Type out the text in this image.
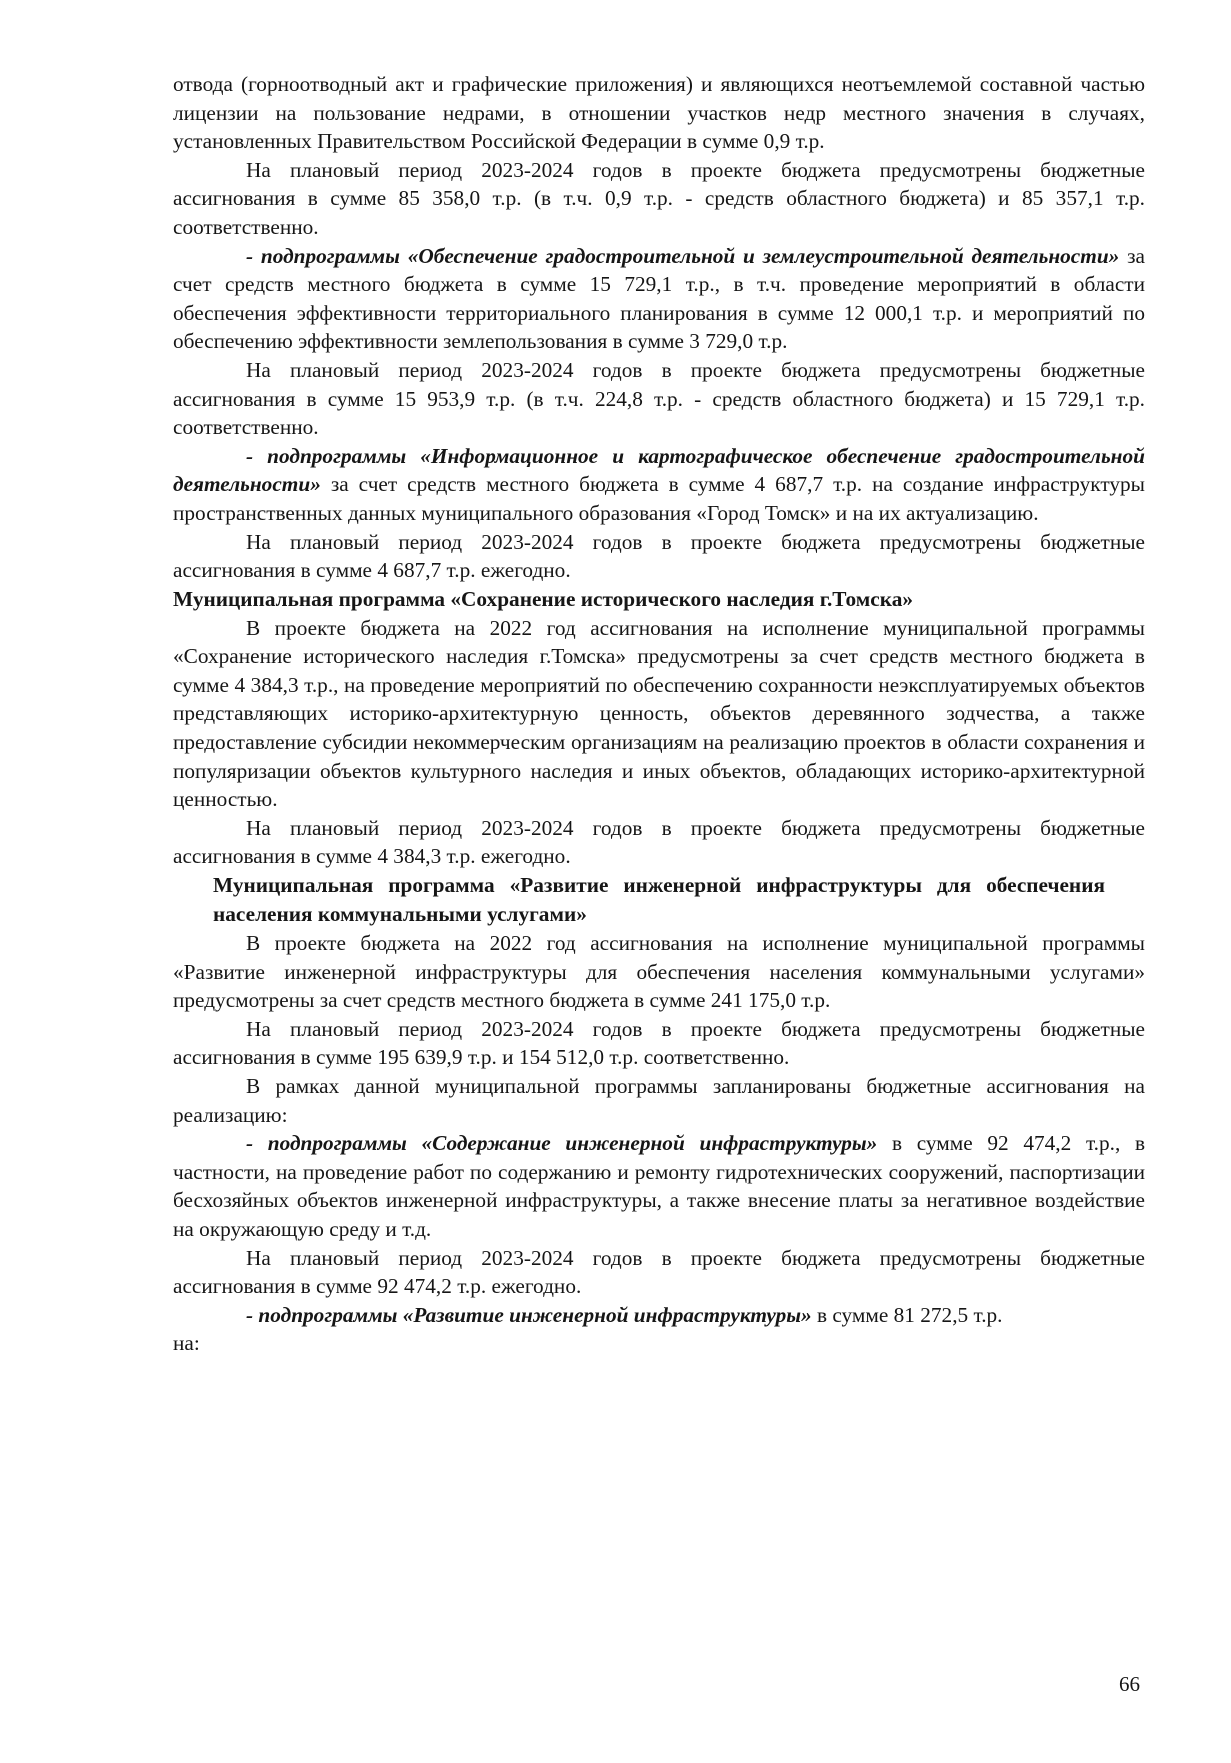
отвода (горноотводный акт и графические приложения) и являющихся неотъемлемой составной частью лицензии на пользование недрами, в отношении участков недр местного значения в случаях, установленных Правительством Российской Федерации в сумме 0,9 т.р.

На плановый период 2023-2024 годов в проекте бюджета предусмотрены бюджетные ассигнования в сумме 85 358,0 т.р. (в т.ч. 0,9 т.р. - средств областного бюджета) и 85 357,1 т.р. соответственно.

- подпрограммы «Обеспечение градостроительной и землеустроительной деятельности» за счет средств местного бюджета в сумме 15 729,1 т.р., в т.ч. проведение мероприятий в области обеспечения эффективности территориального планирования в сумме 12 000,1 т.р. и мероприятий по обеспечению эффективности землепользования в сумме 3 729,0 т.р.

На плановый период 2023-2024 годов в проекте бюджета предусмотрены бюджетные ассигнования в сумме 15 953,9 т.р. (в т.ч. 224,8 т.р. - средств областного бюджета) и 15 729,1 т.р. соответственно.

- подпрограммы «Информационное и картографическое обеспечение градостроительной деятельности» за счет средств местного бюджета в сумме 4 687,7 т.р. на создание инфраструктуры пространственных данных муниципального образования «Город Томск» и на их актуализацию.

На плановый период 2023-2024 годов в проекте бюджета предусмотрены бюджетные ассигнования в сумме 4 687,7 т.р. ежегодно.

Муниципальная программа «Сохранение исторического наследия г.Томска»

В проекте бюджета на 2022 год ассигнования на исполнение муниципальной программы «Сохранение исторического наследия г.Томска» предусмотрены за счет средств местного бюджета в сумме 4 384,3 т.р., на проведение мероприятий по обеспечению сохранности неэксплуатируемых объектов представляющих историко-архитектурную ценность, объектов деревянного зодчества, а также предоставление субсидии некоммерческим организациям на реализацию проектов в области сохранения и популяризации объектов культурного наследия и иных объектов, обладающих историко-архитектурной ценностью.

На плановый период 2023-2024 годов в проекте бюджета предусмотрены бюджетные ассигнования в сумме 4 384,3 т.р. ежегодно.

Муниципальная программа «Развитие инженерной инфраструктуры для обеспечения населения коммунальными услугами»

В проекте бюджета на 2022 год ассигнования на исполнение муниципальной программы «Развитие инженерной инфраструктуры для обеспечения населения коммунальными услугами» предусмотрены за счет средств местного бюджета в сумме 241 175,0 т.р.

На плановый период 2023-2024 годов в проекте бюджета предусмотрены бюджетные ассигнования в сумме 195 639,9 т.р. и 154 512,0 т.р. соответственно.

В рамках данной муниципальной программы запланированы бюджетные ассигнования на реализацию:

- подпрограммы «Содержание инженерной инфраструктуры» в сумме 92 474,2 т.р., в частности, на проведение работ по содержанию и ремонту гидротехнических сооружений, паспортизации бесхозяйных объектов инженерной инфраструктуры, а также внесение платы за негативное воздействие на окружающую среду и т.д.

На плановый период 2023-2024 годов в проекте бюджета предусмотрены бюджетные ассигнования в сумме 92 474,2 т.р. ежегодно.

- подпрограммы «Развитие инженерной инфраструктуры» в сумме 81 272,5 т.р.

на:

66
